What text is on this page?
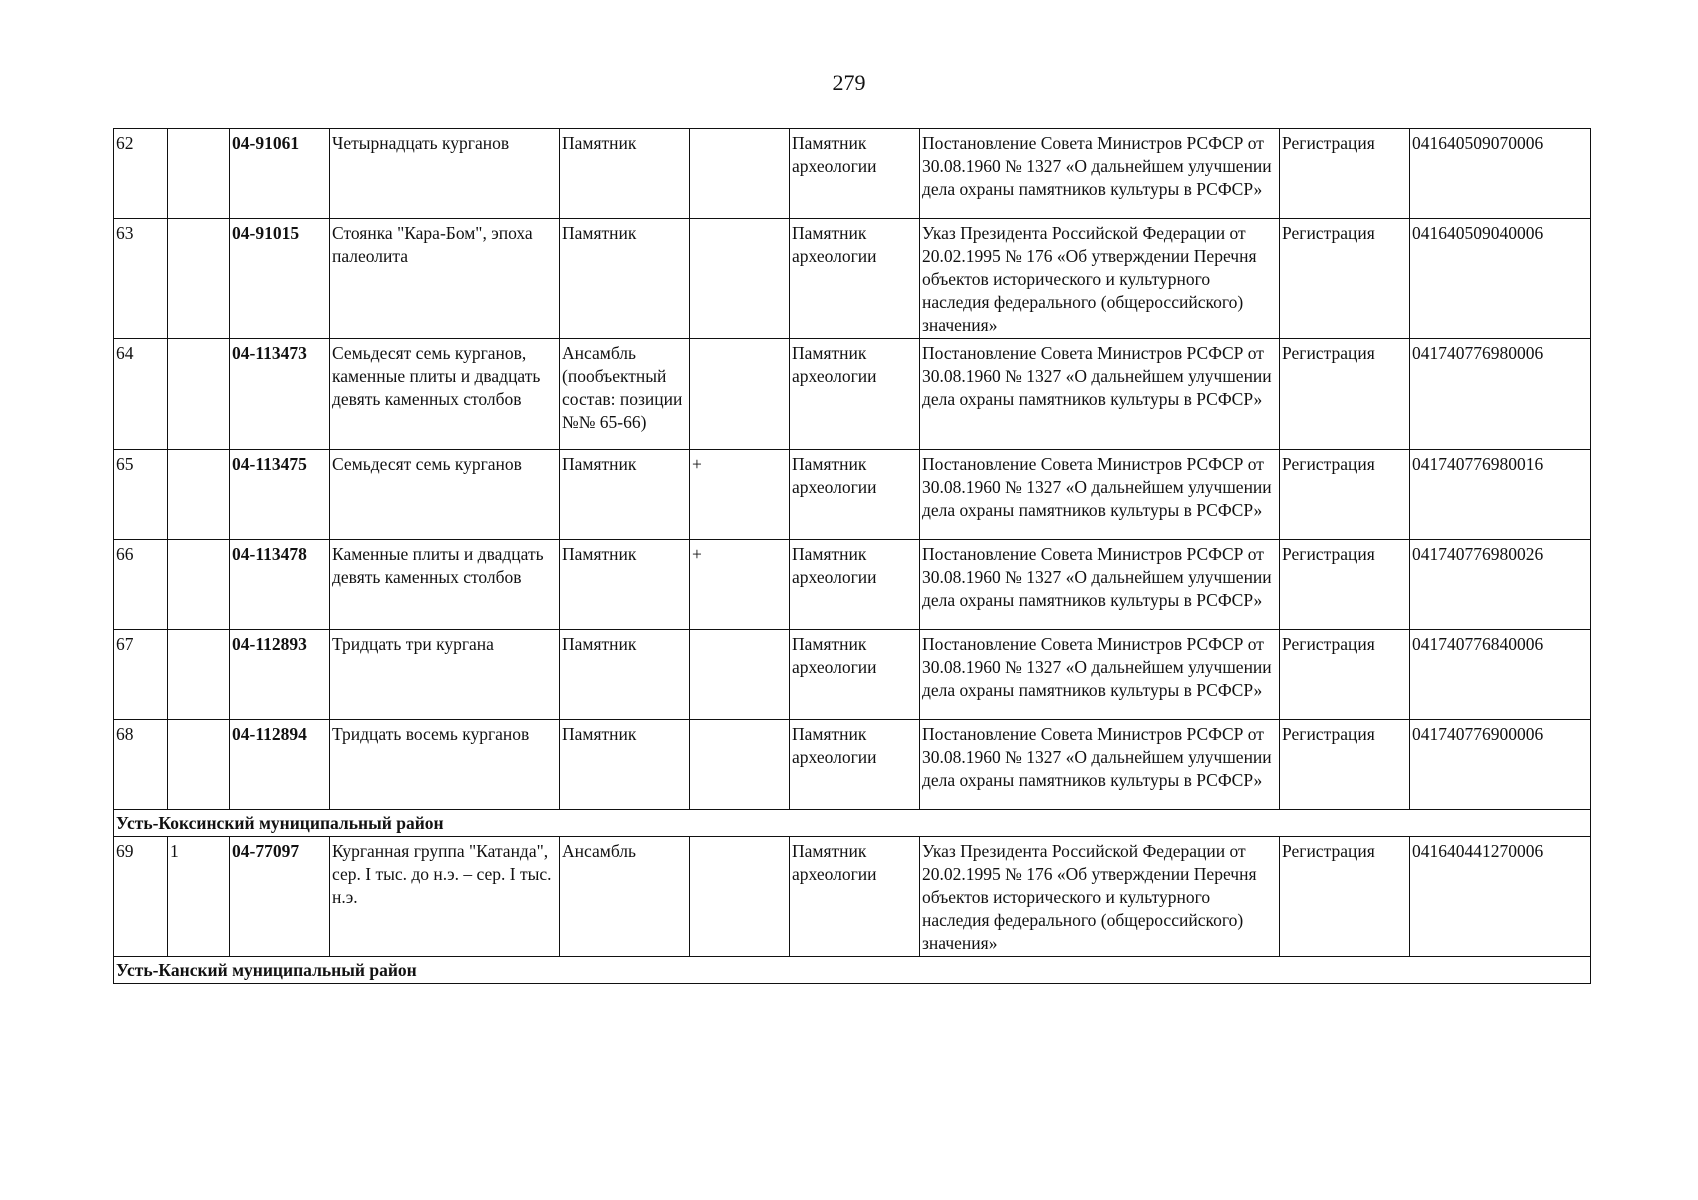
279
62		04-91061	Четырнадцать курганов	Памятник		Памятник археологии	Постановление Совета Министров РСФСР от 30.08.1960 № 1327 «О дальнейшем улучшении дела охраны памятников культуры в РСФСР»	Регистрация	041640509070006
63		04-91015	Стоянка "Кара-Бом", эпоха палеолита	Памятник		Памятник археологии	Указ Президента Российской Федерации от 20.02.1995 № 176 «Об утверждении Перечня объектов исторического и культурного наследия федерального (общероссийского) значения»	Регистрация	041640509040006
64		04-113473	Семьдесят семь курганов, каменные плиты и двадцать девять каменных столбов	Ансамбль (пообъектный состав: позиции №№ 65-66)		Памятник археологии	Постановление Совета Министров РСФСР от 30.08.1960 № 1327 «О дальнейшем улучшении дела охраны памятников культуры в РСФСР»	Регистрация	041740776980006
65		04-113475	Семьдесят семь курганов	Памятник	+	Памятник археологии	Постановление Совета Министров РСФСР от 30.08.1960 № 1327 «О дальнейшем улучшении дела охраны памятников культуры в РСФСР»	Регистрация	041740776980016
66		04-113478	Каменные плиты и двадцать девять каменных столбов	Памятник	+	Памятник археологии	Постановление Совета Министров РСФСР от 30.08.1960 № 1327 «О дальнейшем улучшении дела охраны памятников культуры в РСФСР»	Регистрация	041740776980026
67		04-112893	Тридцать три кургана	Памятник		Памятник археологии	Постановление Совета Министров РСФСР от 30.08.1960 № 1327 «О дальнейшем улучшении дела охраны памятников культуры в РСФСР»	Регистрация	041740776840006
68		04-112894	Тридцать восемь курганов	Памятник		Памятник археологии	Постановление Совета Министров РСФСР от 30.08.1960 № 1327 «О дальнейшем улучшении дела охраны памятников культуры в РСФСР»	Регистрация	041740776900006
Усть-Коксинский муниципальный район									
69	1	04-77097	Курганная группа "Катанда", сер. I тыс. до н.э. – сер. I тыс. н.э.	Ансамбль		Памятник археологии	Указ Президента Российской Федерации от 20.02.1995 № 176 «Об утверждении Перечня объектов исторического и культурного наследия федерального (общероссийского) значения»	Регистрация	041640441270006
Усть-Канский муниципальный район									
